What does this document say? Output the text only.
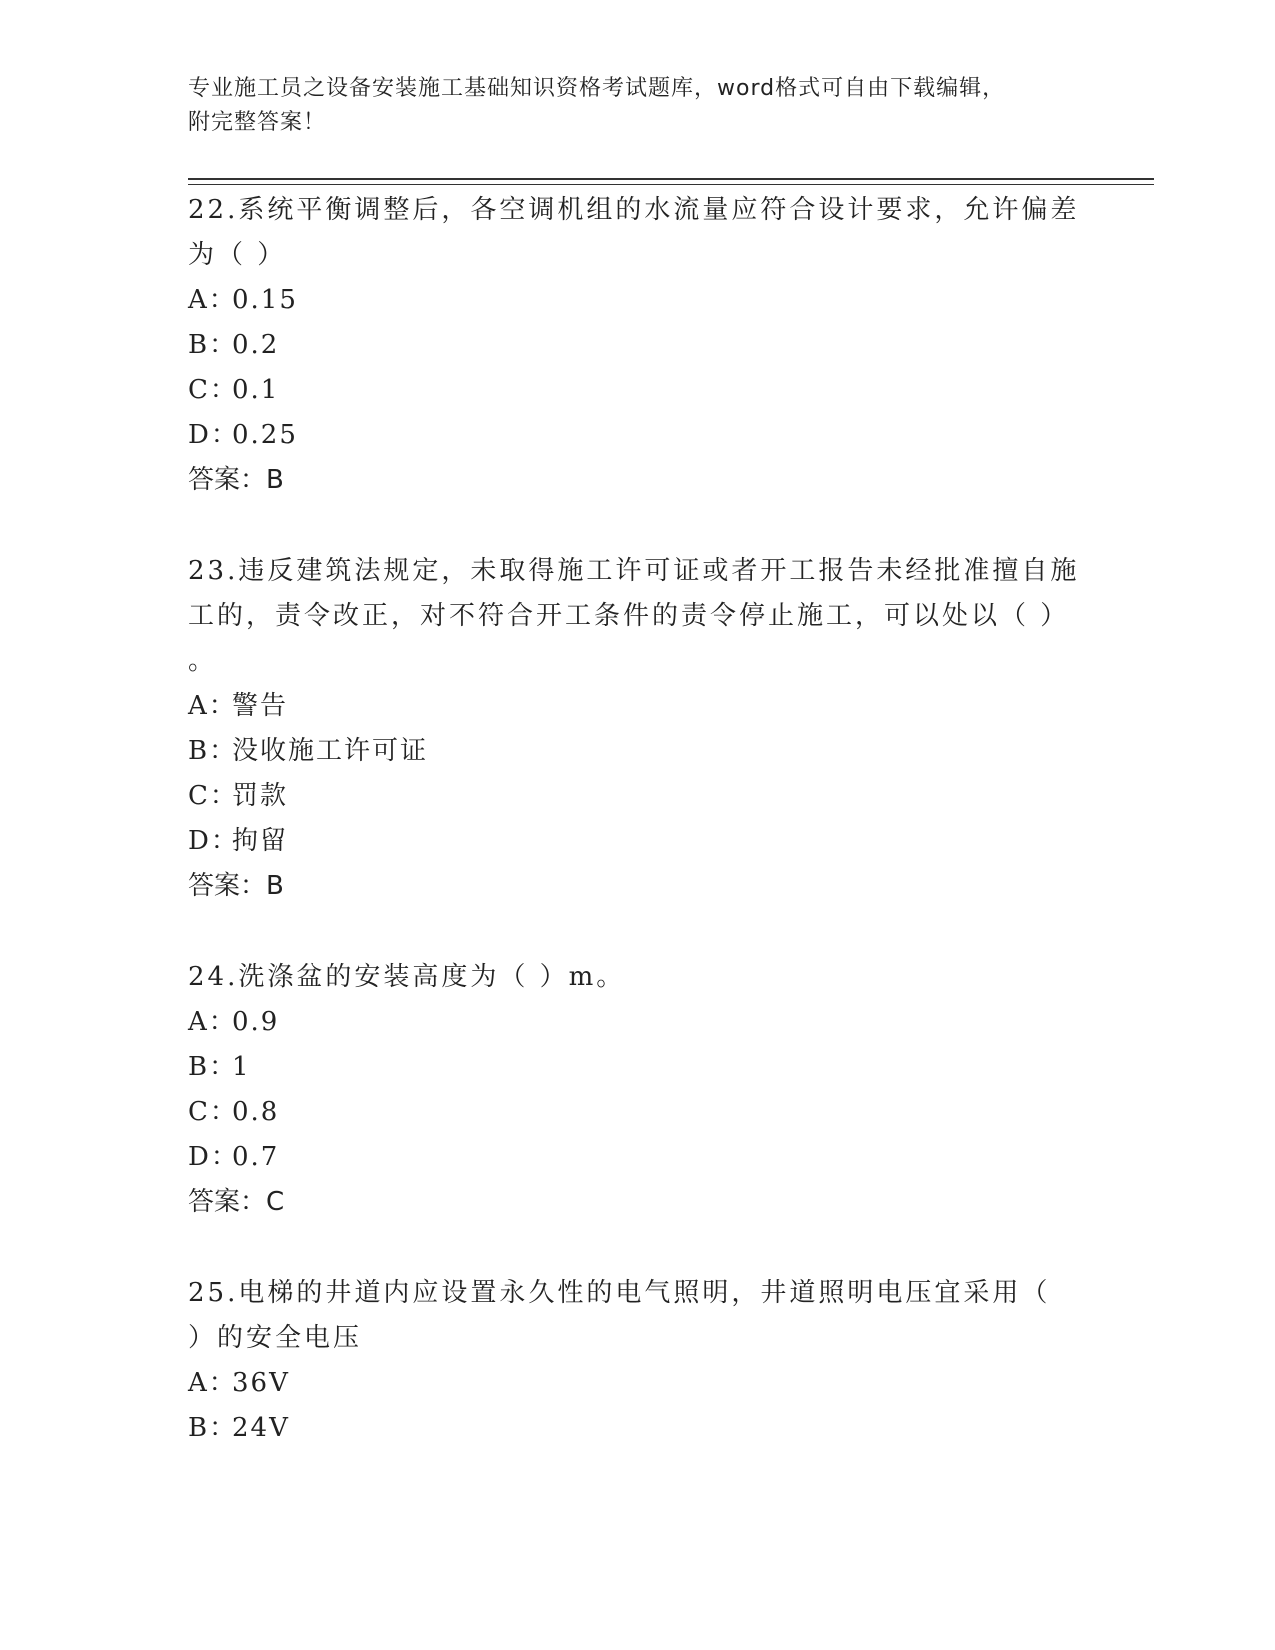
专业施工员之设备安装施工基础知识资格考试题库，word格式可自由下载编辑，
附完整答案！
22.系统平衡调整后，各空调机组的水流量应符合设计要求，允许偏差
为（ ）
A：0.15
B：0.2
C：0.1
D：0.25
答案：B
23.违反建筑法规定，未取得施工许可证或者开工报告未经批准擅自施
工的，责令改正，对不符合开工条件的责令停止施工，可以处以（ ）
。
A：警告
B：没收施工许可证
C：罚款
D：拘留
答案：B
24.洗涤盆的安装高度为（ ）m。
A：0.9
B：1
C：0.8
D：0.7
答案：C
25.电梯的井道内应设置永久性的电气照明，井道照明电压宜采用（
）的安全电压
A：36V
B：24V
